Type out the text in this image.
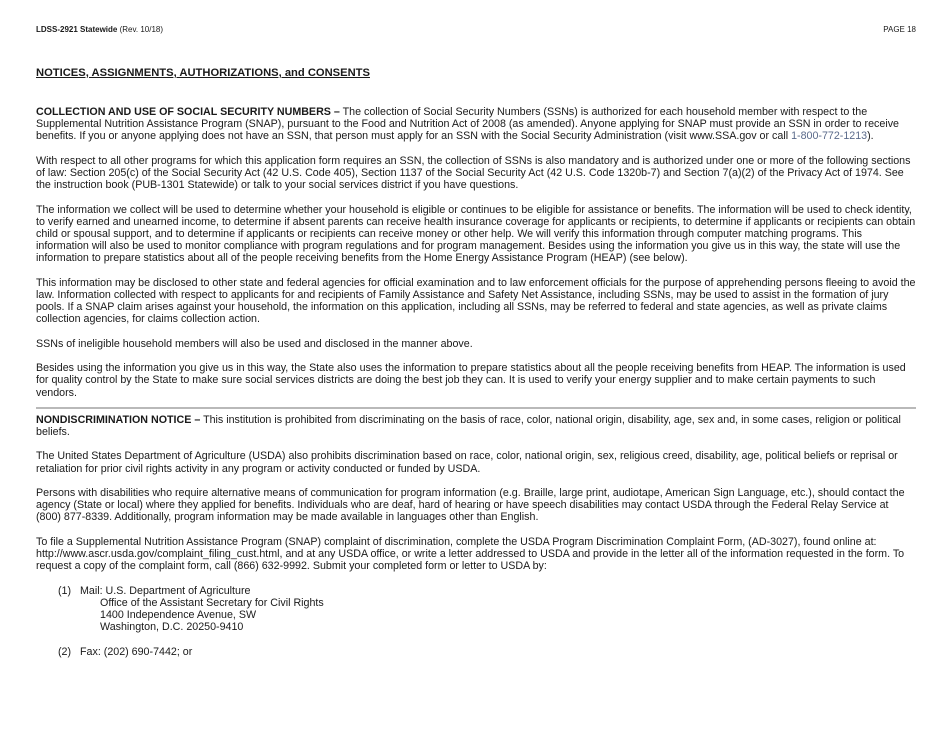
LDSS-2921 Statewide (Rev. 10/18)	PAGE 18
NOTICES, ASSIGNMENTS, AUTHORIZATIONS, and CONSENTS

COLLECTION AND USE OF SOCIAL SECURITY NUMBERS – The collection of Social Security Numbers (SSNs) is authorized for each household member with respect to the Supplemental Nutrition Assistance Program (SNAP), pursuant to the Food and Nutrition Act of 2008 (as amended). Anyone applying for SNAP must provide an SSN in order to receive benefits. If you or anyone applying does not have an SSN, that person must apply for an SSN with the Social Security Administration (visit www.SSA.gov or call 1-800-772-1213).

With respect to all other programs for which this application form requires an SSN, the collection of SSNs is also mandatory and is authorized under one or more of the following sections of law: Section 205(c) of the Social Security Act (42 U.S. Code 405), Section 1137 of the Social Security Act (42 U.S. Code 1320b-7) and Section 7(a)(2) of the Privacy Act of 1974. See the instruction book (PUB-1301 Statewide) or talk to your social services district if you have questions.

The information we collect will be used to determine whether your household is eligible or continues to be eligible for assistance or benefits. The information will be used to check identity, to verify earned and unearned income, to determine if absent parents can receive health insurance coverage for applicants or recipients, to determine if applicants or recipients can obtain child or spousal support, and to determine if applicants or recipients can receive money or other help. We will verify this information through computer matching programs. This information will also be used to monitor compliance with program regulations and for program management. Besides using the information you give us in this way, the state will use the information to prepare statistics about all of the people receiving benefits from the Home Energy Assistance Program (HEAP) (see below).

This information may be disclosed to other state and federal agencies for official examination and to law enforcement officials for the purpose of apprehending persons fleeing to avoid the law. Information collected with respect to applicants for and recipients of Family Assistance and Safety Net Assistance, including SSNs, may be used to assist in the formation of jury pools. If a SNAP claim arises against your household, the information on this application, including all SSNs, may be referred to federal and state agencies, as well as private claims collection agencies, for claims collection action.

SSNs of ineligible household members will also be used and disclosed in the manner above.

Besides using the information you give us in this way, the State also uses the information to prepare statistics about all the people receiving benefits from HEAP. The information is used for quality control by the State to make sure social services districts are doing the best job they can. It is used to verify your energy supplier and to make certain payments to such vendors.

NONDISCRIMINATION NOTICE – This institution is prohibited from discriminating on the basis of race, color, national origin, disability, age, sex and, in some cases, religion or political beliefs.

The United States Department of Agriculture (USDA) also prohibits discrimination based on race, color, national origin, sex, religious creed, disability, age, political beliefs or reprisal or retaliation for prior civil rights activity in any program or activity conducted or funded by USDA.

Persons with disabilities who require alternative means of communication for program information (e.g. Braille, large print, audiotape, American Sign Language, etc.), should contact the agency (State or local) where they applied for benefits. Individuals who are deaf, hard of hearing or have speech disabilities may contact USDA through the Federal Relay Service at (800) 877-8339. Additionally, program information may be made available in languages other than English.

To file a Supplemental Nutrition Assistance Program (SNAP) complaint of discrimination, complete the USDA Program Discrimination Complaint Form, (AD-3027), found online at: http://www.ascr.usda.gov/complaint_filing_cust.html, and at any USDA office, or write a letter addressed to USDA and provide in the letter all of the information requested in the form. To request a copy of the complaint form, call (866) 632-9992. Submit your completed form or letter to USDA by:

(1) Mail: U.S. Department of Agriculture
Office of the Assistant Secretary for Civil Rights
1400 Independence Avenue, SW
Washington, D.C. 20250-9410
(2) Fax: (202) 690-7442; or
